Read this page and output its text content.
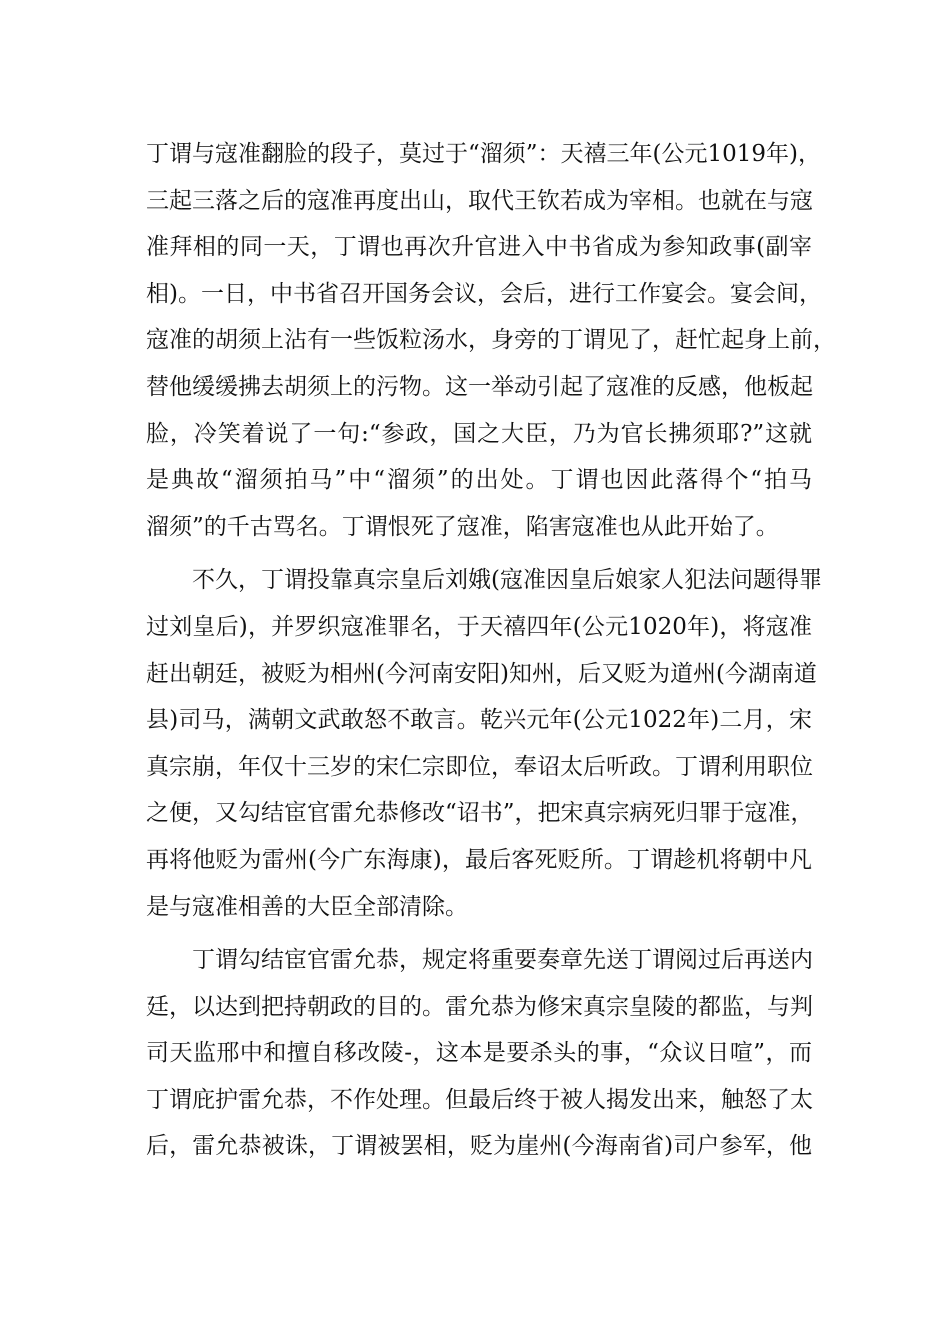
丁谓与寇准翻脸的段子，莫过于“溜须”：天禧三年(公元1019年)，
三起三落之后的寇准再度出山，取代王钦若成为宰相。也就在与寇
准拜相的同一天，丁谓也再次升官进入中书省成为参知政事(副宰
相)。一日，中书省召开国务会议，会后，进行工作宴会。宴会间，
寇准的胡须上沾有一些饭粒汤水，身旁的丁谓见了，赶忙起身上前，
替他缓缓拂去胡须上的污物。这一举动引起了寇准的反感，他板起
脸，冷笑着说了一句:“参政，国之大臣，乃为官长拂须耶?”这就
是典故“溜须拍马”中“溜须”的出处。丁谓也因此落得个“拍马
溜须”的千古骂名。丁谓恨死了寇准，陷害寇准也从此开始了。
不久，丁谓投靠真宗皇后刘娥(寇准因皇后娘家人犯法问题得罪
过刘皇后)，并罗织寇准罪名，于天禧四年(公元1020年)，将寇准
赶出朝廷，被贬为相州(今河南安阳)知州，后又贬为道州(今湖南道
县)司马，满朝文武敢怒不敢言。乾兴元年(公元1022年)二月，宋
真宗崩，年仅十三岁的宋仁宗即位，奉诏太后听政。丁谓利用职位
之便，又勾结宦官雷允恭修改“诏书”，把宋真宗病死归罪于寇准，
再将他贬为雷州(今广东海康)，最后客死贬所。丁谓趁机将朝中凡
是与寇准相善的大臣全部清除。
丁谓勾结宦官雷允恭，规定将重要奏章先送丁谓阅过后再送内
廷，以达到把持朝政的目的。雷允恭为修宋真宗皇陵的都监，与判
司天监邢中和擅自移改陵-，这本是要杀头的事，“众议日喧”，而
丁谓庇护雷允恭，不作处理。但最后终于被人揭发出来，触怒了太
后，雷允恭被诛，丁谓被罢相，贬为崖州(今海南省)司户参军，他
